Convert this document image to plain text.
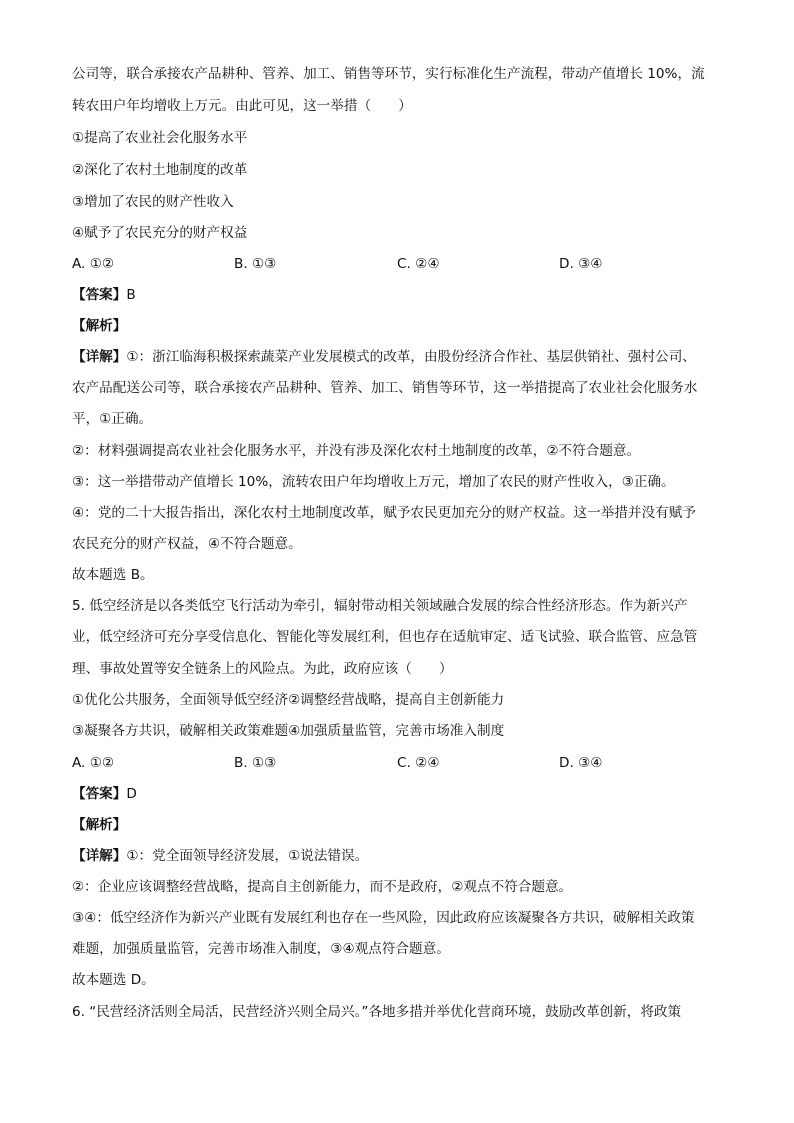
公司等，联合承接农产品耕种、管养、加工、销售等环节，实行标准化生产流程，带动产值增长 10%，流
转农田户年均增收上万元。由此可见，这一举措（　　）
①提高了农业社会化服务水平
②深化了农村土地制度的改革
③增加了农民的财产性收入
④赋予了农民充分的财产权益
A. ①②	B. ①③	C. ②④	D. ③④
【答案】B
【解析】
【详解】①：浙江临海积极探索蔬菜产业发展模式的改革，由股份经济合作社、基层供销社、强村公司、
农产品配送公司等，联合承接农产品耕种、管养、加工、销售等环节，这一举措提高了农业社会化服务水
平，①正确。
②：材料强调提高农业社会化服务水平，并没有涉及深化农村土地制度的改革，②不符合题意。
③：这一举措带动产值增长 10%，流转农田户年均增收上万元，增加了农民的财产性收入，③正确。
④：党的二十大报告指出，深化农村土地制度改革，赋予农民更加充分的财产权益。这一举措并没有赋予
农民充分的财产权益，④不符合题意。
故本题选 B。
5. 低空经济是以各类低空飞行活动为牵引，辐射带动相关领域融合发展的综合性经济形态。作为新兴产
业，低空经济可充分享受信息化、智能化等发展红利，但也存在适航审定、适飞试验、联合监管、应急管
理、事故处置等安全链条上的风险点。为此，政府应该（　　）
①优化公共服务，全面领导低空经济②调整经营战略，提高自主创新能力
③凝聚各方共识，破解相关政策难题④加强质量监管，完善市场准入制度
A. ①②	B. ①③	C. ②④	D. ③④
【答案】D
【解析】
【详解】①：党全面领导经济发展，①说法错误。
②：企业应该调整经营战略，提高自主创新能力，而不是政府，②观点不符合题意。
③④：低空经济作为新兴产业既有发展红利也存在一些风险，因此政府应该凝聚各方共识，破解相关政策
难题，加强质量监管，完善市场准入制度，③④观点符合题意。
故本题选 D。
6. “民营经济活则全局活，民营经济兴则全局兴。”各地多措并举优化营商环境，鼓励改革创新，将政策
